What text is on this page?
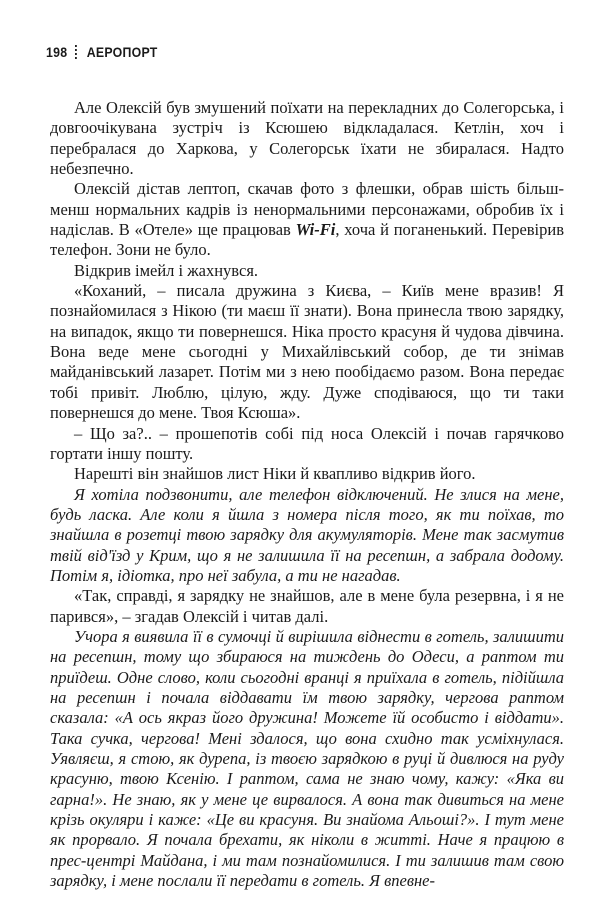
198 АЕРОПОРТ

Але Олексій був змушений поїхати на перекладних до Солегорська, і довгоочікувана зустріч із Ксюшею відкладалася. Кетлін, хоч і перебралася до Харкова, у Солегорськ їхати не збиралася. Надто небезпечно.

Олексій дістав лептоп, скачав фото з флешки, обрав шість більш-менш нормальних кадрів із ненормальними персонажами, обробив їх і надіслав. В «Отеле» ще працював Wi-Fi, хоча й поганенький. Перевірив телефон. Зони не було.

Відкрив імейл і жахнувся.

«Коханий, – писала дружина з Києва, – Київ мене вразив! Я познайомилася з Нікою (ти маєш її знати). Вона принесла твою зарядку, на випадок, якщо ти повернешся. Ніка просто красуня й чудова дівчина. Вона веде мене сьогодні у Михайлівський собор, де ти знімав майданівський лазарет. Потім ми з нею пообідаємо разом. Вона передає тобі привіт. Люблю, цілую, жду. Дуже сподіваюся, що ти таки повернешся до мене. Твоя Ксюша».

– Що за?.. – прошепотів собі під носа Олексій і почав гарячково гортати іншу пошту.

Нарешті він знайшов лист Ніки й квапливо відкрив його.

Я хотіла подзвонити, але телефон відключений. Не злися на мене, будь ласка. Але коли я йшла з номера після того, як ти поїхав, то знайшла в розетці твою зарядку для акумуляторів. Мене так засмутив твій від'їзд у Крим, що я не залишила її на ресепшн, а забрала додому. Потім я, ідіотка, про неї забула, а ти не нагадав.

«Так, справді, я зарядку не знайшов, але в мене була резервна, і я не парився», – згадав Олексій і читав далі.

Учора я виявила її в сумочці й вирішила віднести в готель, залишити на ресепшн, тому що збираюся на тиждень до Одеси, а раптом ти приїдеш. Одне слово, коли сьогодні вранці я приїхала в готель, підійшла на ресепшн і почала віддавати їм твою зарядку, чергова раптом сказала: «А ось якраз його дружина! Можете їй особисто і віддати». Така сучка, чергова! Мені здалося, що вона схидно так усміхнулася. Уявляєш, я стою, як дурепа, із твоєю зарядкою в руці й дивлюся на руду красуню, твою Ксенію. І раптом, сама не знаю чому, кажу: «Яка ви гарна!». Не знаю, як у мене це вирвалося. А вона так дивиться на мене крізь окуляри і каже: «Це ви красуня. Ви знайома Альоші?». І тут мене як прорвало. Я почала брехати, як ніколи в житті. Наче я працюю в прес-центрі Майдана, і ми там познайомилися. І ти залишив там свою зарядку, і мене послали її передати в готель. Я впевне-
